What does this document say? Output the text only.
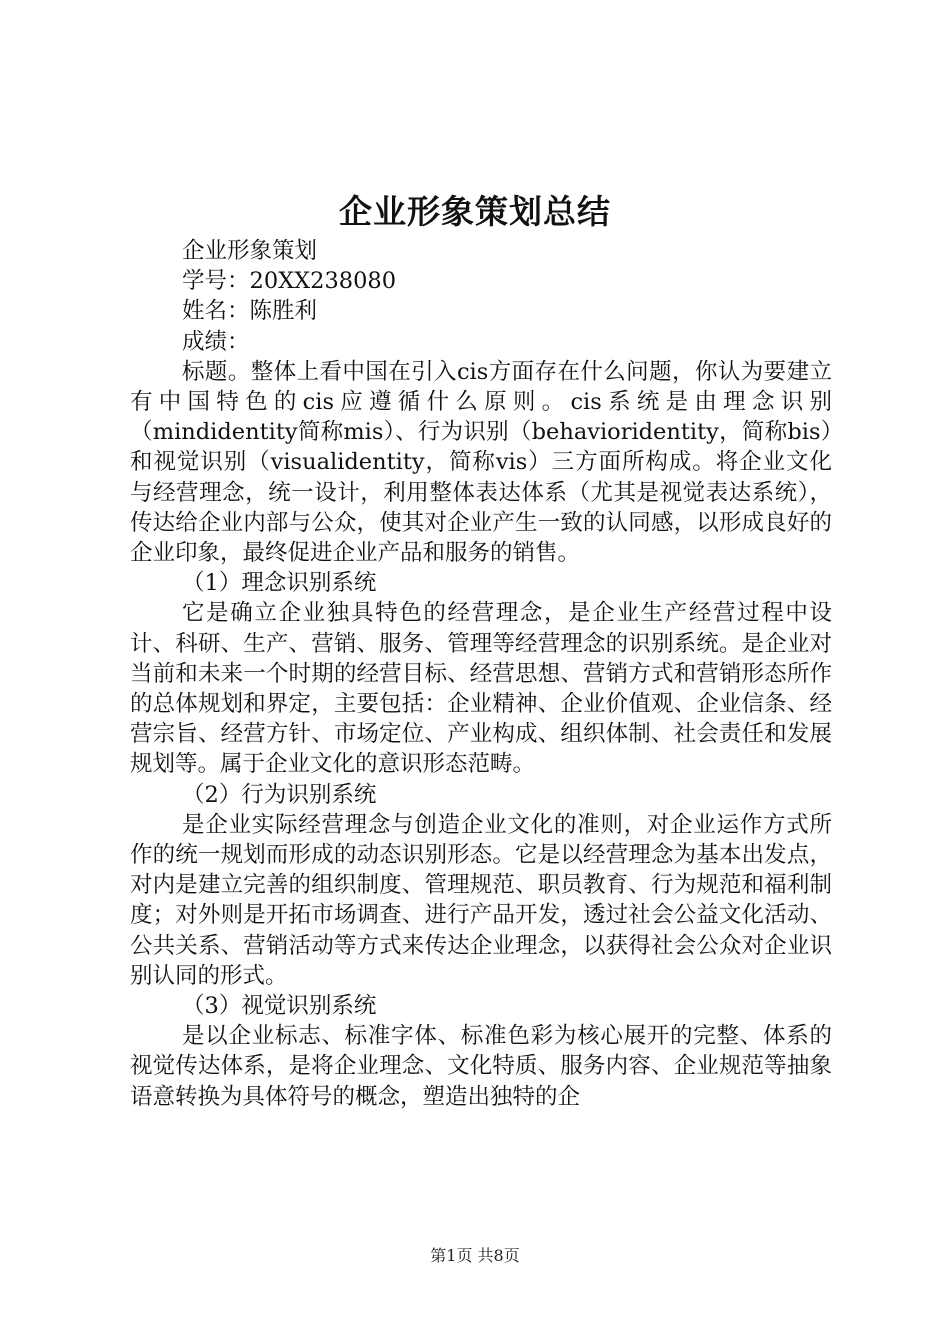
企业形象策划总结

企业形象策划

学号：20XX238080

姓名：陈胜利

成绩：

标题。整体上看中国在引入cis方面存在什么问题，你认为要建立有中国特色的cis应遵循什么原则。cis系统是由理念识别（mindidentity简称mis）、行为识别（behavioridentity，简称bis）和视觉识别（visualidentity，简称vis）三方面所构成。将企业文化与经营理念，统一设计，利用整体表达体系（尤其是视觉表达系统），传达给企业内部与公众，使其对企业产生一致的认同感，以形成良好的企业印象，最终促进企业产品和服务的销售。

（1）理念识别系统

它是确立企业独具特色的经营理念，是企业生产经营过程中设计、科研、生产、营销、服务、管理等经营理念的识别系统。是企业对当前和未来一个时期的经营目标、经营思想、营销方式和营销形态所作的总体规划和界定，主要包括：企业精神、企业价值观、企业信条、经营宗旨、经营方针、市场定位、产业构成、组织体制、社会责任和发展规划等。属于企业文化的意识形态范畴。

（2）行为识别系统

是企业实际经营理念与创造企业文化的准则，对企业运作方式所作的统一规划而形成的动态识别形态。它是以经营理念为基本出发点，对内是建立完善的组织制度、管理规范、职员教育、行为规范和福利制度；对外则是开拓市场调查、进行产品开发，透过社会公益文化活动、公共关系、营销活动等方式来传达企业理念，以获得社会公众对企业识别认同的形式。

（3）视觉识别系统

是以企业标志、标准字体、标准色彩为核心展开的完整、体系的视觉传达体系，是将企业理念、文化特质、服务内容、企业规范等抽象语意转换为具体符号的概念，塑造出独特的企

第1页 共8页
